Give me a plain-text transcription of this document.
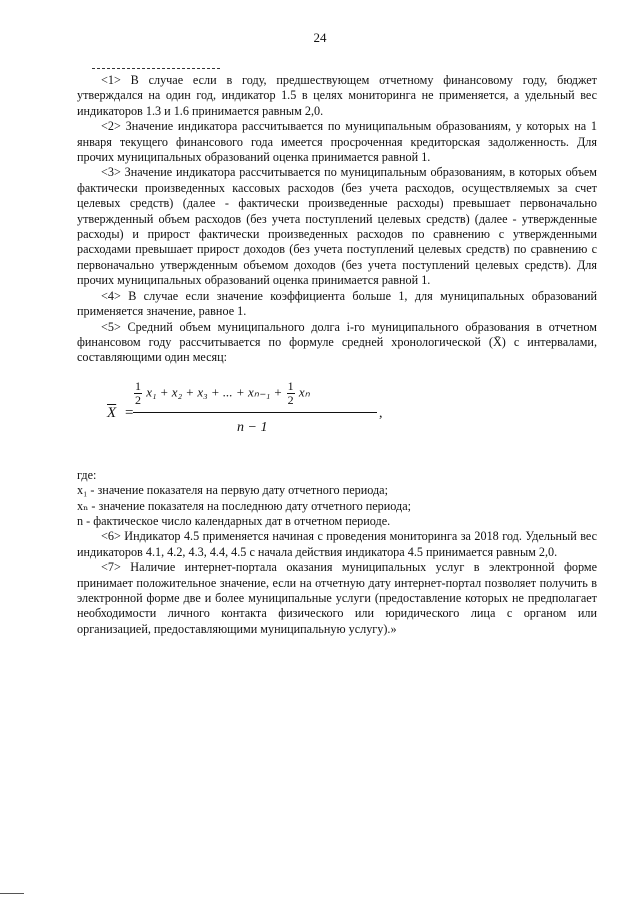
24

<1> В случае если в году, предшествующем отчетному финансовому году, бюджет утверждался на один год, индикатор 1.5 в целях мониторинга не применяется, а удельный вес индикаторов 1.3 и 1.6 принимается равным 2,0.

<2> Значение индикатора рассчитывается по муниципальным образованиям, у которых на 1 января текущего финансового года имеется просроченная кредиторская задолженность. Для прочих муниципальных образований оценка принимается равной 1.

<3> Значение индикатора рассчитывается по муниципальным образованиям, в которых объем фактически произведенных кассовых расходов (без учета расходов, осуществляемых за счет целевых средств) (далее - фактически произведенные расходы) превышает первоначально утвержденный объем расходов (без учета поступлений целевых средств) (далее - утвержденные расходы) и прирост фактически произведенных расходов по сравнению с утвержденными расходами превышает прирост доходов (без учета поступлений целевых средств) по сравнению с первоначально утвержденным объемом доходов (без учета поступлений целевых средств). Для прочих муниципальных образований оценка принимается равной 1.

<4> В случае если значение коэффициента больше 1, для муниципальных образований применяется значение, равное 1.

<5> Средний объем муниципального долга i-го муниципального образования в отчетном финансовом году рассчитывается по формуле средней хронологической (X̄) с интервалами, составляющими один месяц:

$\overline{X}$ =
$\frac{1}{2} x_1 + x_2 + x_3$ + ... + $x_{n-1} + \frac{1}{2}$ xₙ
,
n − 1

где:

x₁ - значение показателя на первую дату отчетного периода;

xₙ - значение показателя на последнюю дату отчетного периода;

n - фактическое число календарных дат в отчетном периоде.

<6> Индикатор 4.5 применяется начиная с проведения мониторинга за 2018 год. Удельный вес индикаторов 4.1, 4.2, 4.3, 4.4, 4.5 с начала действия индикатора 4.5 принимается равным 2,0.

<7> Наличие интернет-портала оказания муниципальных услуг в электронной форме принимает положительное значение, если на отчетную дату интернет-портал позволяет получить в электронной форме две и более муниципальные услуги (предоставление которых не предполагает необходимости личного контакта физического или юридического лица с органом или организацией, предоставляющими муниципальную услугу).»
